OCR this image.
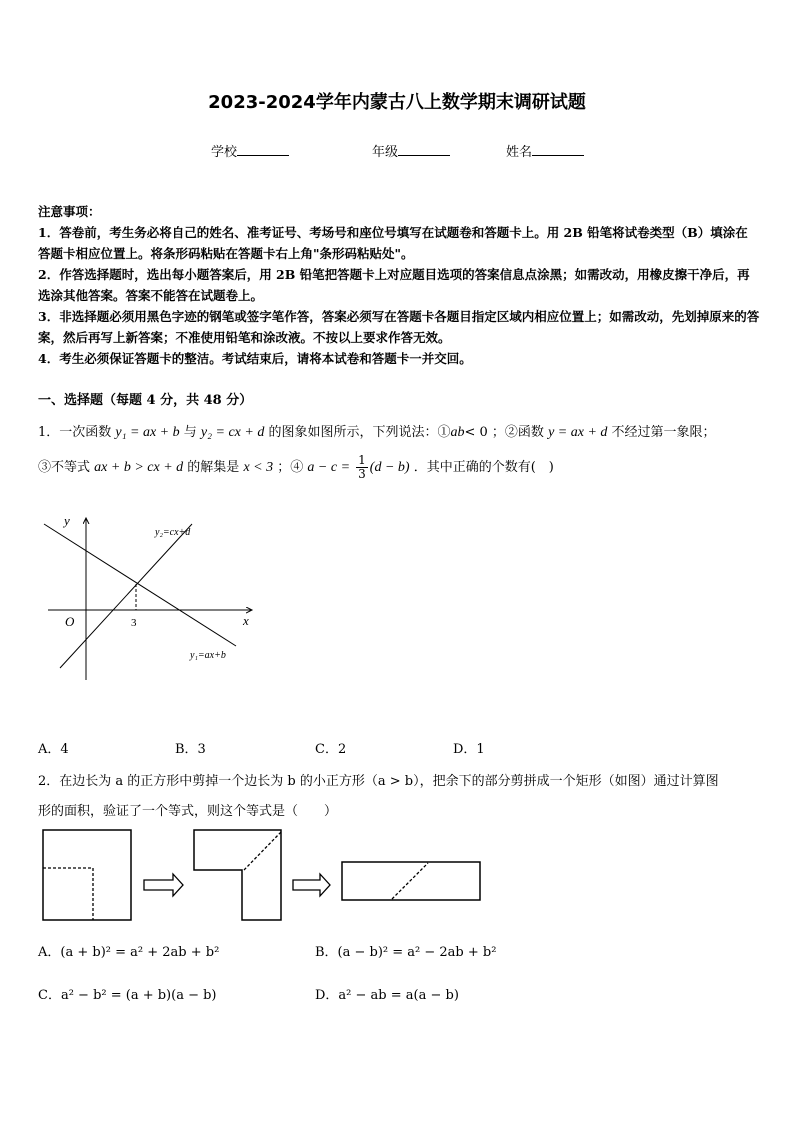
2023-2024学年内蒙古八上数学期末调研试题
学校	年级	姓名
注意事项：
1．答卷前，考生务必将自己的姓名、准考证号、考场号和座位号填写在试题卷和答题卡上。用 2B 铅笔将试卷类型（B）填涂在答题卡相应位置上。将条形码粘贴在答题卡右上角"条形码粘贴处"。
2．作答选择题时，选出每小题答案后，用 2B 铅笔把答题卡上对应题目选项的答案信息点涂黑；如需改动，用橡皮擦干净后，再选涂其他答案。答案不能答在试题卷上。
3．非选择题必须用黑色字迹的钢笔或签字笔作答，答案必须写在答题卡各题目指定区域内相应位置上；如需改动，先划掉原来的答案，然后再写上新答案；不准使用铅笔和涂改液。不按以上要求作答无效。
4．考生必须保证答题卡的整洁。考试结束后，请将本试卷和答题卡一并交回。
一、选择题（每题 4 分，共 48 分）
1．一次函数 y₁ = ax + b 与 y₂ = cx + d 的图象如图所示，下列说法：①ab< 0 ；②函数 y = ax + d 不经过第一象限；
③不等式 ax + b > cx + d 的解集是 x < 3 ；④ $a - c = \frac{1}{3} (d - b)$ ．其中正确的个数有(　)
y
x
O	3
y₂=cx+d
y₁=ax+b
A．4	B．3	C．2	D．1
2．在边长为 a 的正方形中剪掉一个边长为 b 的小正方形（a > b），把余下的部分剪拼成一个矩形（如图）通过计算图
形的面积，验证了一个等式，则这个等式是（　　）
A．(a + b)² = a² + 2ab + b²	B．(a − b)² = a² − 2ab + b²
C．a² − b² = (a + b)(a − b)	D．a² − ab = a(a − b)
